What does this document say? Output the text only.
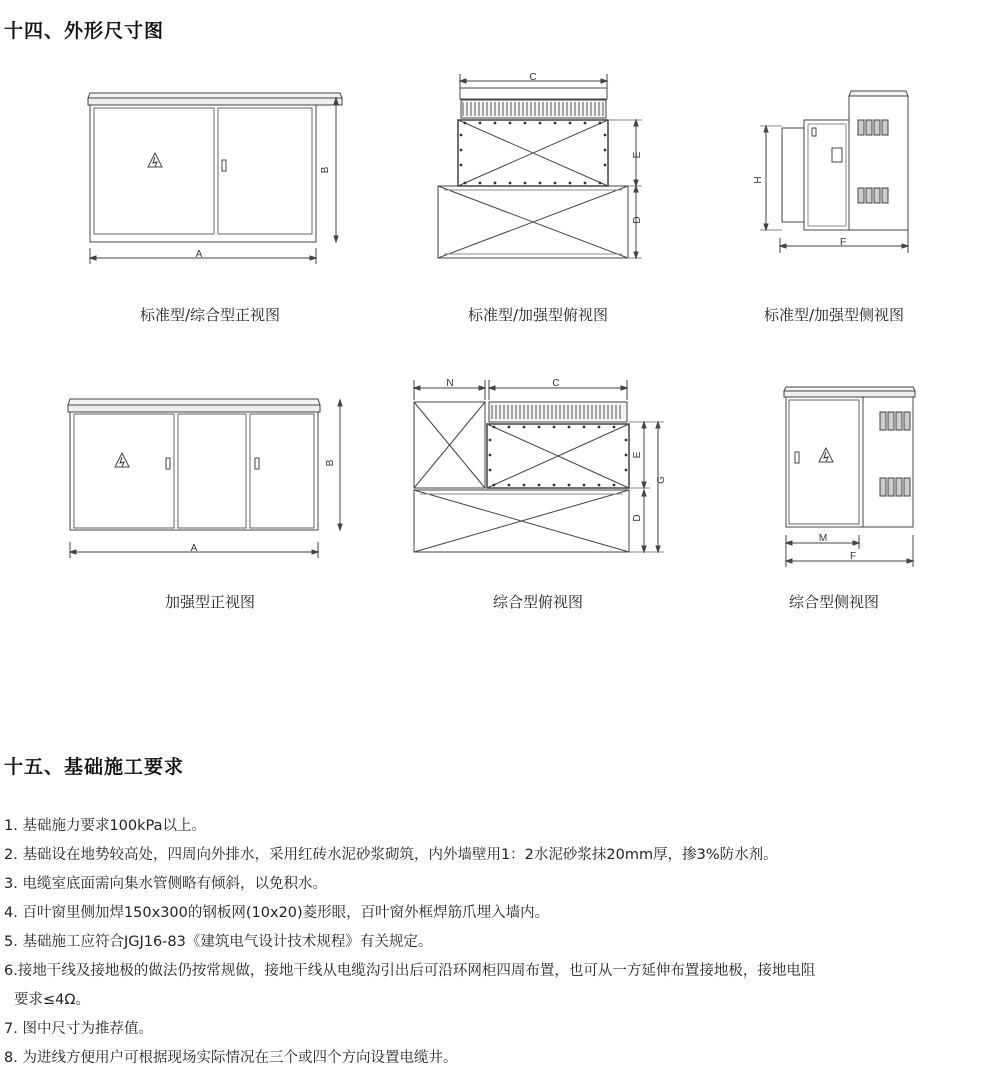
十四、外形尺寸图
A
B
C
E
D
H
F
A
B
N	C
E
D
G
M
F
标准型/综合型正视图	标准型/加强型俯视图	标准型/加强型侧视图
加强型正视图	综合型俯视图	综合型侧视图
十五、基础施工要求
1. 基础施力要求100kPa以上。
2. 基础设在地势较高处，四周向外排水，采用红砖水泥砂浆砌筑，内外墙壁用1：2水泥砂浆抹20mm厚，掺3%防水剂。
3. 电缆室底面需向集水管侧略有倾斜，以免积水。
4. 百叶窗里侧加焊150x300的钢板网(10x20)菱形眼，百叶窗外框焊筋爪埋入墙内。
5. 基础施工应符合JGJ16-83《建筑电气设计技术规程》有关规定。
6.接地干线及接地极的做法仍按常规做，接地干线从电缆沟引出后可沿环网柜四周布置，也可从一方延伸布置接地极，接地电阻
要求≤4Ω。
7. 图中尺寸为推荐值。
8. 为进线方便用户可根据现场实际情况在三个或四个方向设置电缆井。
